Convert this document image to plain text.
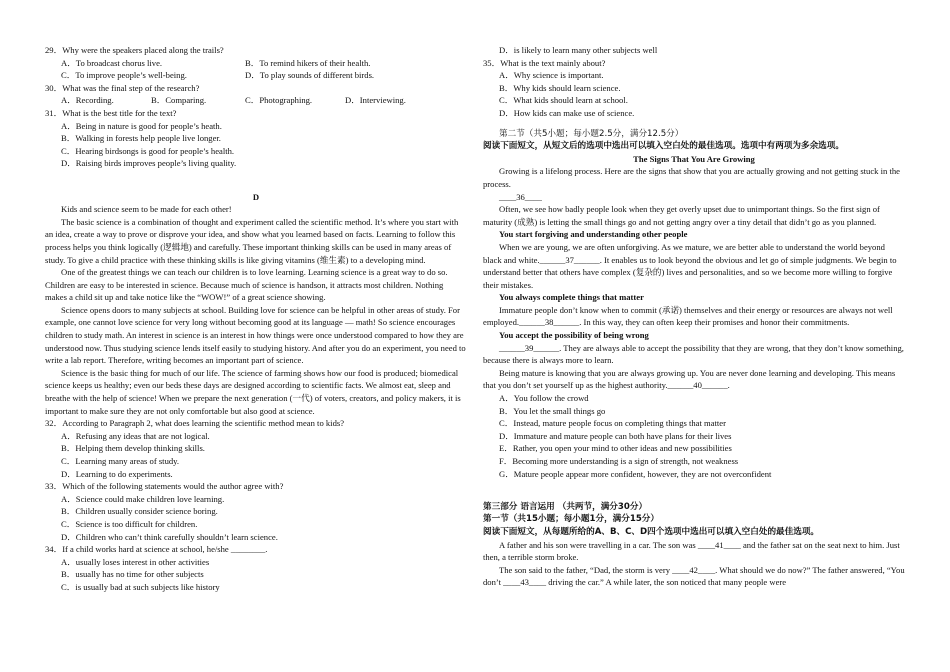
29．Why were the speakers placed along the trails?

A．To broadcast chorus live.	B．To remind hikers of their health.
C．To improve people’s well-being.	D．To play sounds of different birds.

30．What was the final step of the research?

A．Recording.	B．Comparing.	C．Photographing.	D．Interviewing.

31．What is the best title for the text?

A．Being in nature is good for people’s heath.

B．Walking in forests help people live longer.

C．Hearing birdsongs is good for people’s health.

D．Raising birds improves people’s living quality.

D

Kids and science seem to be made for each other!

The basic science is a combination of thought and experiment called the scientific method. It’s where you start with an idea, create a way to prove or disprove your idea, and show what you learned based on facts. Learning to follow this process helps you think logically (逻辑地) and carefully. These important thinking skills can be used in many areas of study. To give a child practice with these thinking skills is like giving vitamins (维生素) to a developing mind.

One of the greatest things we can teach our children is to love learning. Learning science is a great way to do so. Children are easy to be interested in science. Because much of science is handson, it attracts most children. Nothing makes a child sit up and take notice like the “WOW!” of a great science showing.

Science opens doors to many subjects at school. Building love for science can be helpful in other areas of study. For example, one cannot love science for very long without becoming good at its language — math! So science encourages children to study math. An interest in science is an interest in how things were once understood compared to how they are understood now. Thus studying science lends itself easily to studying history. And after you do an experiment, you need to write a lab report. Therefore, writing becomes an important part of science.

Science is the basic thing for much of our life. The science of farming shows how our food is produced; biomedical science keeps us healthy; even our beds these days are designed according to scientific facts. We almost eat, sleep and breathe with the help of science! When we prepare the next generation (一代) of voters, creators, and policy makers, it is important to make sure they are not only comfortable but also good at science.

32．According to Paragraph 2, what does learning the scientific method mean to kids?

A．Refusing any ideas that are not logical.

B．Helping them develop thinking skills.

C．Learning many areas of study.

D．Learning to do experiments.

33．Which of the following statements would the author agree with?

A．Science could make children love learning.

B．Children usually consider science boring.

C．Science is too difficult for children.

D．Children who can’t think carefully shouldn’t learn science.

34．If a child works hard at science at school, he/she ________.

A．usually loses interest in other activities

B．usually has no time for other subjects

C．is usually bad at such subjects like history

D．is likely to learn many other subjects well

35．What is the text mainly about?

A．Why science is important.

B．Why kids should learn science.

C．What kids should learn at school.

D．How kids can make use of science.

第二节（共5小题；每小题2.5分，满分12.5分）

阅读下面短文，从短文后的选项中选出可以填入空白处的最佳选项。选项中有两项为多余选项。

The Signs That You Are Growing

Growing is a lifelong process. Here are the signs that show that you are actually growing and not getting stuck in the process.

____36____

Often, we see how badly people look when they get overly upset due to unimportant things. So the first sign of maturity (成熟) is letting the small things go and not getting angry over a tiny detail that didn’t go as you planned.

You start forgiving and understanding other people

When we are young, we are often unforgiving. As we mature, we are better able to understand the world beyond black and white.______37______. It enables us to look beyond the obvious and let go of simple judgments. We begin to understand better that others have complex (复杂的) lives and personalities, and so we become more willing to forgive their mistakes.

You always complete things that matter

Immature people don’t know when to commit (承诺) themselves and their energy or resources are always not well employed.______38______. In this way, they can often keep their promises and honor their commitments.

You accept the possibility of being wrong

______39______. They are always able to accept the possibility that they are wrong, that they don’t know something, because there is always more to learn.

Being mature is knowing that you are always growing up. You are never done learning and developing. This means that you don’t set yourself up as the highest authority.______40______.

A．You follow the crowd

B．You let the small things go

C．Instead, mature people focus on completing things that matter

D．Immature and mature people can both have plans for their lives

E．Rather, you open your mind to other ideas and new possibilities

F．Becoming more understanding is a sign of strength, not weakness

G．Mature people appear more confident, however, they are not overconfident

第三部分 语言运用 （共两节，满分30分）

第一节（共15小题；每小题1分，满分15分）

阅读下面短文，从每题所给的A、B、C、D四个选项中选出可以填入空白处的最佳选项。

A father and his son were travelling in a car. The son was ____41____ and the father sat on the seat next to him. Just then, a terrible storm broke.

The son said to the father, “Dad, the storm is very ____42____. What should we do now?” The father answered, “You don’t ____43____ driving the car.” A while later, the son noticed that many people were
